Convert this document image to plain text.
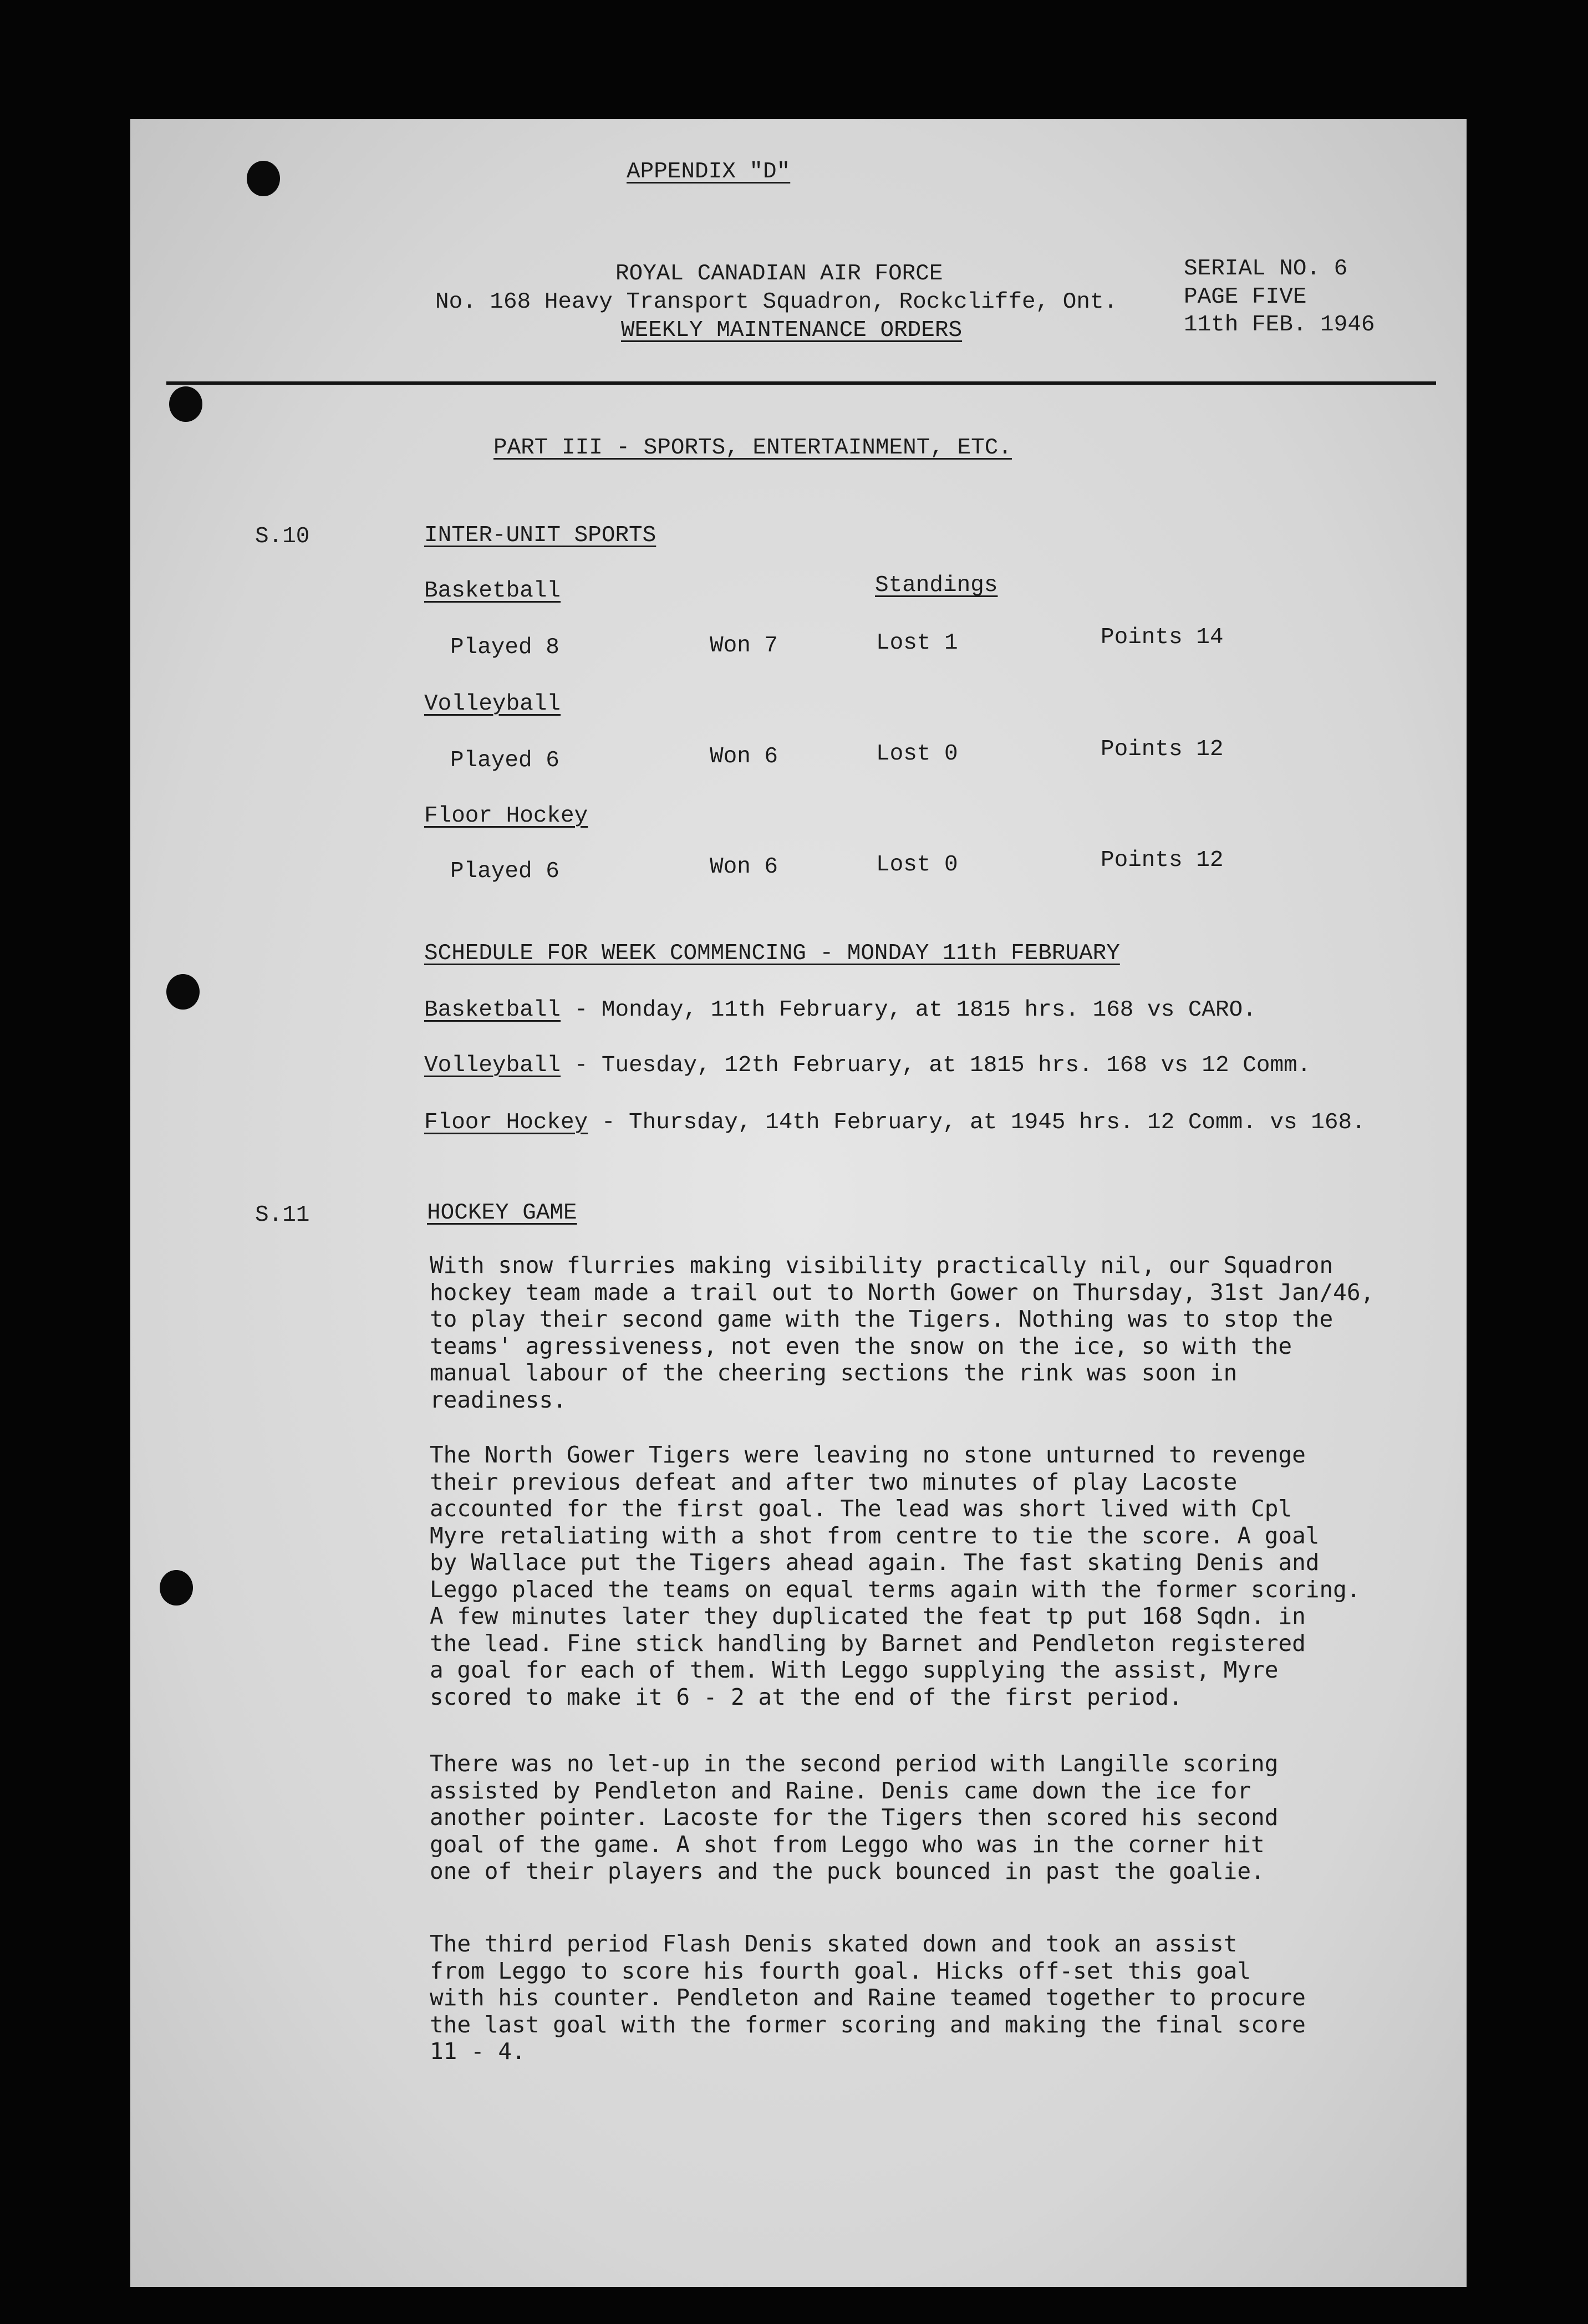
APPENDIX "D"
ROYAL CANADIAN AIR FORCE
No. 168 Heavy Transport Squadron, Rockcliffe, Ont.
WEEKLY MAINTENANCE ORDERS
SERIAL NO. 6
PAGE FIVE
11th FEB. 1946
PART III - SPORTS, ENTERTAINMENT, ETC.
S.10	INTER-UNIT SPORTS
Basketball	Standings
Played 8	Won 7	Lost 1	Points 14
Volleyball
Played 6	Won 6	Lost 0	Points 12
Floor Hockey
Played 6	Won 6	Lost 0	Points 12
SCHEDULE FOR WEEK COMMENCING - MONDAY 11th FEBRUARY
Basketball - Monday, 11th February, at 1815 hrs. 168 vs CARO.
Volleyball - Tuesday, 12th February, at 1815 hrs. 168 vs 12 Comm.
Floor Hockey - Thursday, 14th February, at 1945 hrs. 12 Comm. vs 168.
S.11	HOCKEY GAME
With snow flurries making visibility practically nil, our Squadron
hockey team made a trail out to North Gower on Thursday, 31st Jan/46,
to play their second game with the Tigers. Nothing was to stop the
teams' agressiveness, not even the snow on the ice, so with the
manual labour of the cheering sections the rink was soon in
readiness.
The North Gower Tigers were leaving no stone unturned to revenge
their previous defeat and after two minutes of play Lacoste
accounted for the first goal. The lead was short lived with Cpl
Myre retaliating with a shot from centre to tie the score. A goal
by Wallace put the Tigers ahead again. The fast skating Denis and
Leggo placed the teams on equal terms again with the former scoring.
A few minutes later they duplicated the feat tp put 168 Sqdn. in
the lead. Fine stick handling by Barnet and Pendleton registered
a goal for each of them. With Leggo supplying the assist, Myre
scored to make it 6 - 2 at the end of the first period.
There was no let-up in the second period with Langille scoring
assisted by Pendleton and Raine. Denis came down the ice for
another pointer. Lacoste for the Tigers then scored his second
goal of the game. A shot from Leggo who was in the corner hit
one of their players and the puck bounced in past the goalie.
The third period Flash Denis skated down and took an assist
from Leggo to score his fourth goal. Hicks off-set this goal
with his counter. Pendleton and Raine teamed together to procure
the last goal with the former scoring and making the final score
11 - 4.
